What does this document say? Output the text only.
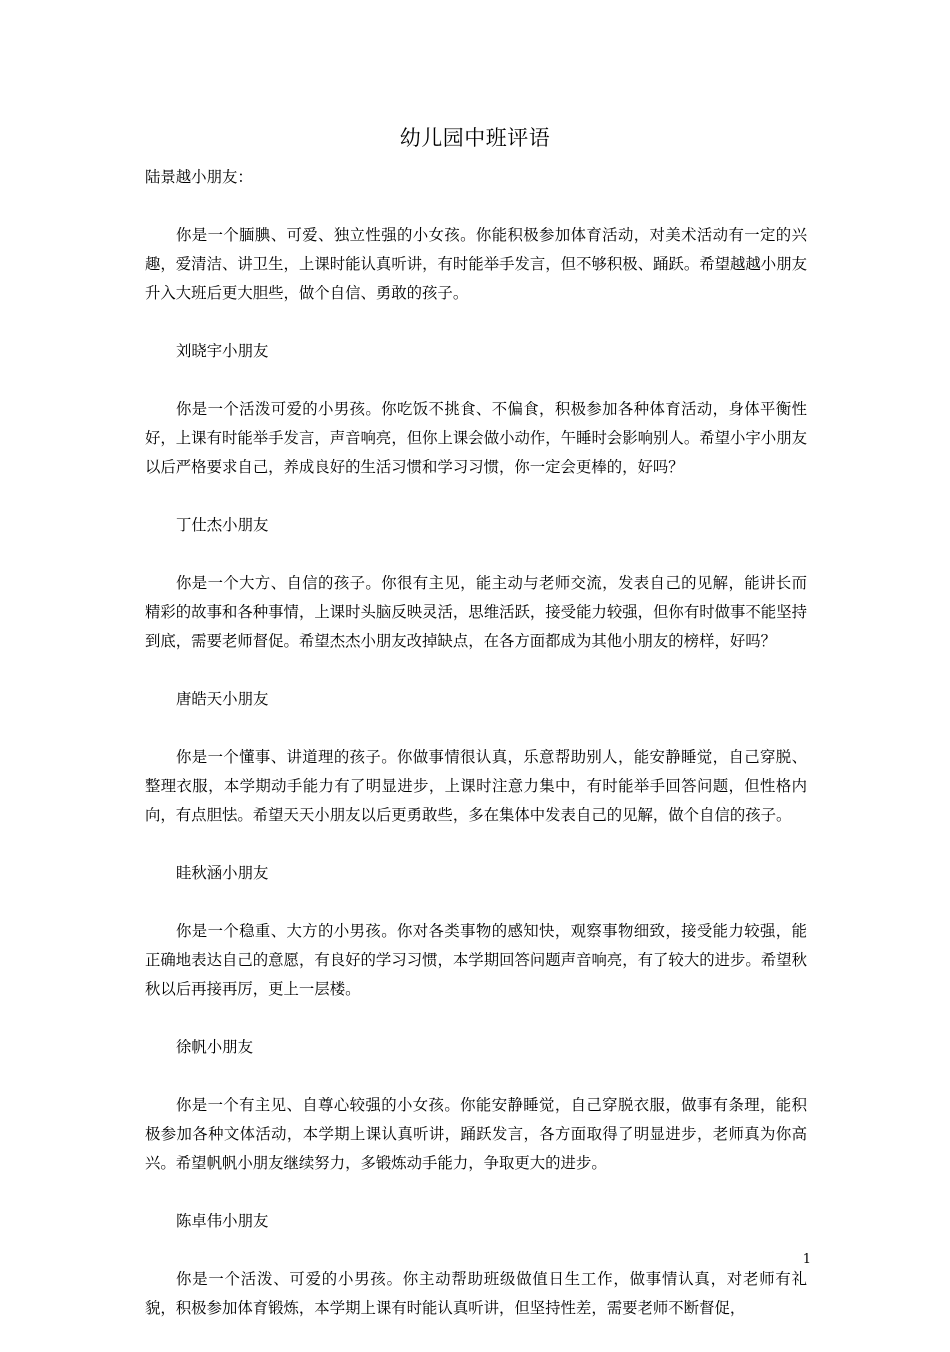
幼儿园中班评语

陆景越小朋友：

你是一个腼腆、可爱、独立性强的小女孩。你能积极参加体育活动，对美术活动有一定的兴趣，爱清洁、讲卫生，上课时能认真听讲，有时能举手发言，但不够积极、踊跃。希望越越小朋友升入大班后更大胆些，做个自信、勇敢的孩子。

刘晓宇小朋友

你是一个活泼可爱的小男孩。你吃饭不挑食、不偏食，积极参加各种体育活动，身体平衡性好，上课有时能举手发言，声音响亮，但你上课会做小动作，午睡时会影响别人。希望小宇小朋友以后严格要求自己，养成良好的生活习惯和学习习惯，你一定会更棒的，好吗？

丁仕杰小朋友

你是一个大方、自信的孩子。你很有主见，能主动与老师交流，发表自己的见解，能讲长而精彩的故事和各种事情，上课时头脑反映灵活，思维活跃，接受能力较强，但你有时做事不能坚持到底，需要老师督促。希望杰杰小朋友改掉缺点，在各方面都成为其他小朋友的榜样，好吗？

唐皓天小朋友

你是一个懂事、讲道理的孩子。你做事情很认真，乐意帮助别人，能安静睡觉，自己穿脱、整理衣服，本学期动手能力有了明显进步，上课时注意力集中，有时能举手回答问题，但性格内向，有点胆怯。希望天天小朋友以后更勇敢些，多在集体中发表自己的见解，做个自信的孩子。

眭秋涵小朋友

你是一个稳重、大方的小男孩。你对各类事物的感知快，观察事物细致，接受能力较强，能正确地表达自己的意愿，有良好的学习习惯，本学期回答问题声音响亮，有了较大的进步。希望秋秋以后再接再厉，更上一层楼。

徐帆小朋友

你是一个有主见、自尊心较强的小女孩。你能安静睡觉，自己穿脱衣服，做事有条理，能积极参加各种文体活动，本学期上课认真听讲，踊跃发言，各方面取得了明显进步，老师真为你高兴。希望帆帆小朋友继续努力，多锻炼动手能力，争取更大的进步。

陈卓伟小朋友

你是一个活泼、可爱的小男孩。你主动帮助班级做值日生工作，做事情认真，对老师有礼貌，积极参加体育锻炼，本学期上课有时能认真听讲，但坚持性差，需要老师不断督促，

1
